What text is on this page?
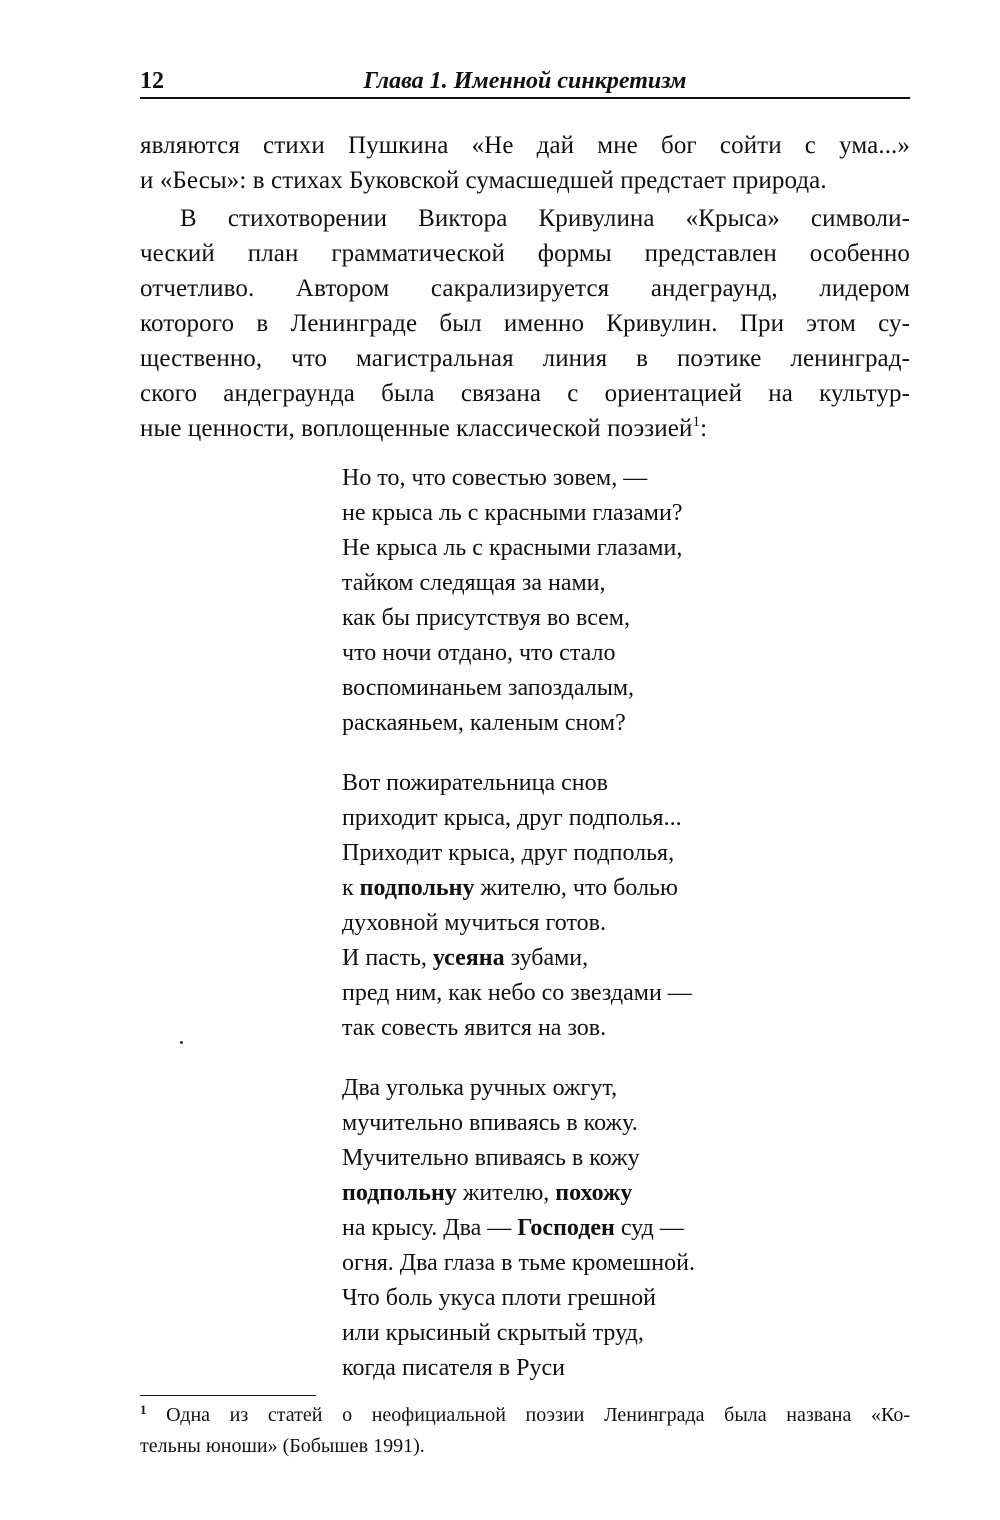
12	Глава 1. Именной синкретизм
являются стихи Пушкина «Не дай мне бог сойти с ума...»
и «Бесы»: в стихах Буковской сумасшедшей предстает природа.
В стихотворении Виктора Кривулина «Крыса» символи-
ческий план грамматической формы представлен особенно
отчетливо. Автором сакрализируется андеграунд, лидером
которого в Ленинграде был именно Кривулин. При этом су-
щественно, что магистральная линия в поэтике ленинград-
ского андеграунда была связана с ориентацией на культур-
ные ценности, воплощенные классической поэзией$^1$:
Но то, что совестью зовем, —
не крыса ль с красными глазами?
Не крыса ль с красными глазами,
тайком следящая за нами,
как бы присутствуя во всем,
что ночи отдано, что стало
воспоминаньем запоздалым,
раскаяньем, каленым сном?
Вот пожирательница снов
приходит крыса, друг подполья...
Приходит крыса, друг подполья,
к подпольну жителю, что болью
духовной мучиться готов.
И пасть, усеяна зубами,
пред ним, как небо со звездами —
так совесть явится на зов.
Два уголька ручных ожгут,
мучительно впиваясь в кожу.
Мучительно впиваясь в кожу
подпольну жителю, похожу
на крысу. Два — Господен суд —
огня. Два глаза в тьме кромешной.
Что боль укуса плоти грешной
или крысиный скрытый труд,
когда писателя в Руси
$^1$ Одна из статей о неофициальной поэзии Ленинграда была названа «Ко-
тельны юноши» (Бобышев 1991).
